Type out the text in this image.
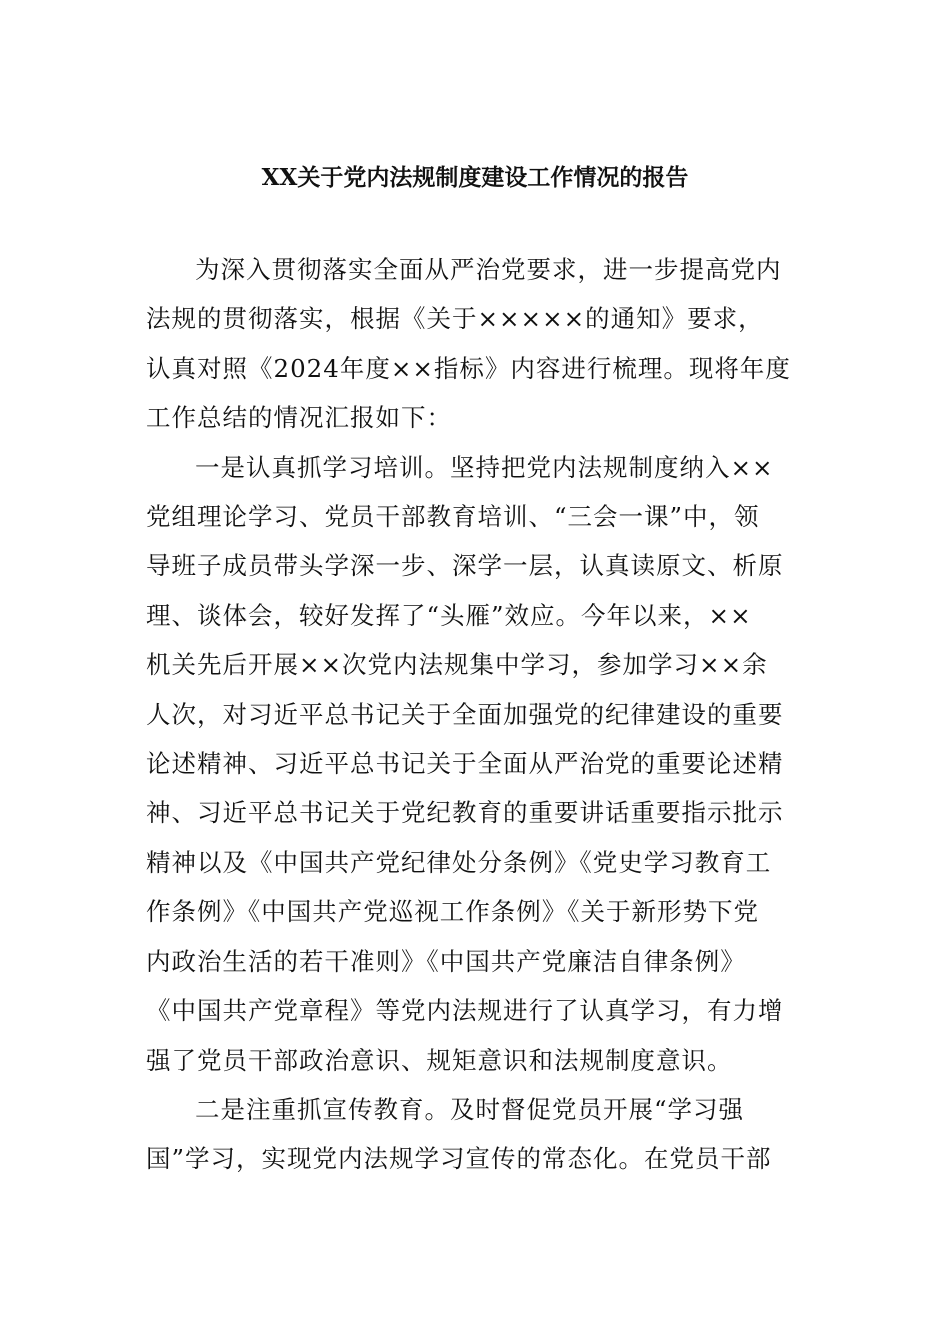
XX关于党内法规制度建设工作情况的报告

为深入贯彻落实全面从严治党要求，进一步提高党内
法规的贯彻落实，根据《关于×××××的通知》要求，
认真对照《2024年度××指标》内容进行梳理。现将年度
工作总结的情况汇报如下：

一是认真抓学习培训。坚持把党内法规制度纳入××
党组理论学习、党员干部教育培训、“三会一课”中，领
导班子成员带头学深一步、深学一层，认真读原文、析原
理、谈体会，较好发挥了“头雁”效应。今年以来，××
机关先后开展××次党内法规集中学习，参加学习××余
人次，对习近平总书记关于全面加强党的纪律建设的重要
论述精神、习近平总书记关于全面从严治党的重要论述精
神、习近平总书记关于党纪教育的重要讲话重要指示批示
精神以及《中国共产党纪律处分条例》《党史学习教育工
作条例》《中国共产党巡视工作条例》《关于新形势下党
内政治生活的若干准则》《中国共产党廉洁自律条例》
《中国共产党章程》等党内法规进行了认真学习，有力增
强了党员干部政治意识、规矩意识和法规制度意识。

二是注重抓宣传教育。及时督促党员开展“学习强
国”学习，实现党内法规学习宣传的常态化。在党员干部
